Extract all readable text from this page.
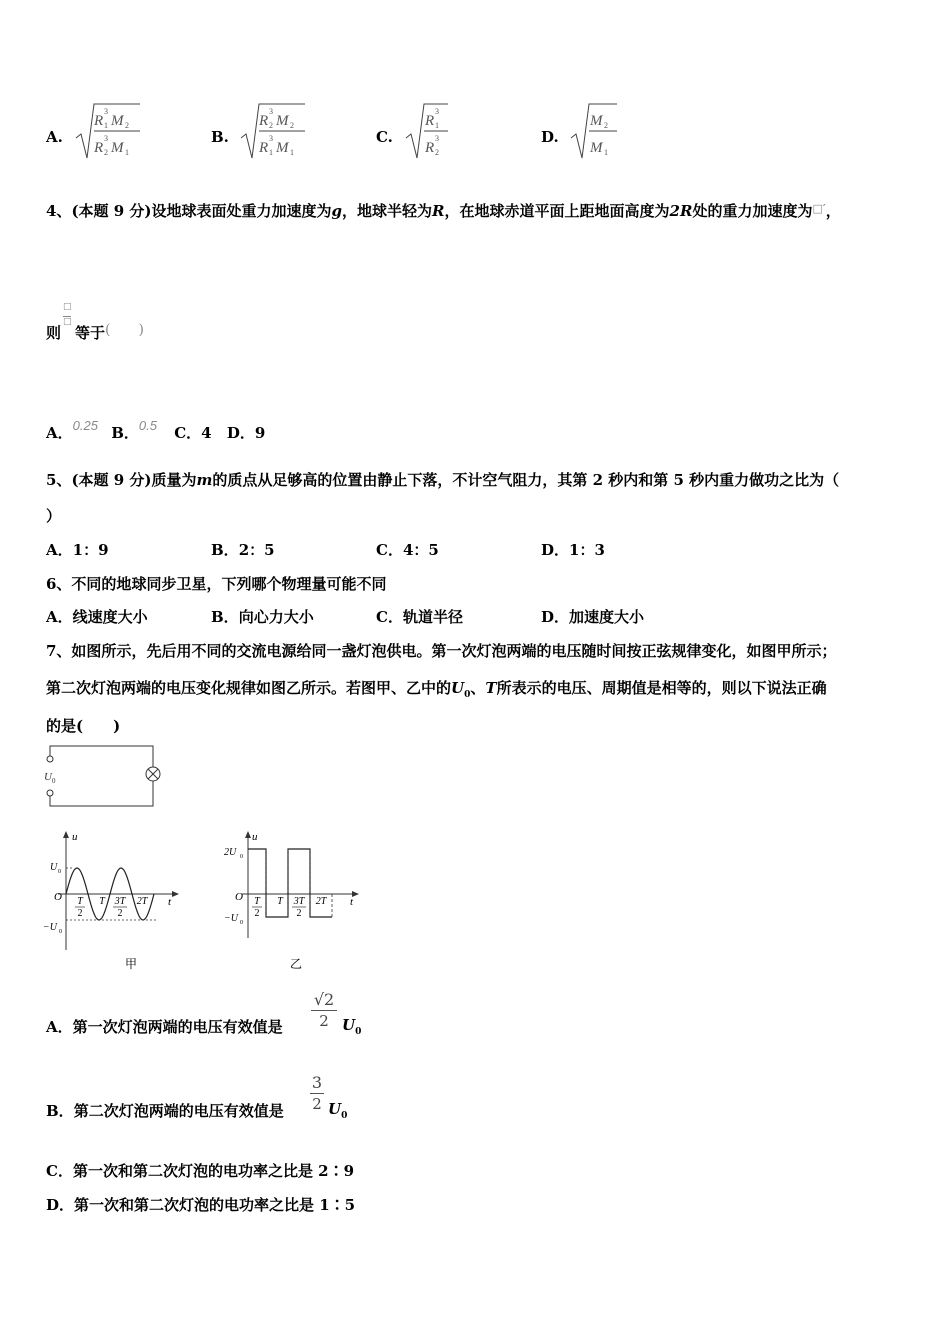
A.
R 1
3
M 2
R 2
3
M 1
B.
R 2
3
M 2
R 1
3
M 1
C.
R 1
3
R 2
3	D.
M 2
M 1
4、(本题 9 分)设地球表面处重力加速度为g，地球半轻为R，在地球赤道平面上距地面高度为2R处的重力加速度为□′，
则
□
□
等于(　　)
A．0.25 B．0.5 C．4 D．9
5、(本题 9 分)质量为m的质点从足够高的位置由静止下落，不计空气阻力，其第 2 秒内和第 5 秒内重力做功之比为（
）
A．1：9	B．2：5	C．4：5	D．1：3
6、不同的地球同步卫星，下列哪个物理量可能不同
A．线速度大小	B．向心力大小	C．轨道半径	D．加速度大小
7、如图所示，先后用不同的交流电源给同一盏灯泡供电。第一次灯泡两端的电压随时间按正弦规律变化，如图甲所示；
第二次灯泡两端的电压变化规律如图乙所示。若图甲、乙中的$U_0$、T所表示的电压、周期值是相等的，则以下说法正确
的是(　　)
U 0
u
t
O
U 0
−U 0
T
2
T 3T
2
2T
甲
u
t
O
2U 0
−U 0
T
2
T 3T
2
2T
乙
A．第一次灯泡两端的电压有效值是
√2
2 $U_0$
B．第二次灯泡两端的电压有效值是
3
2 $U_0$
C．第一次和第二次灯泡的电功率之比是 2∶9
D．第一次和第二次灯泡的电功率之比是 1∶5
